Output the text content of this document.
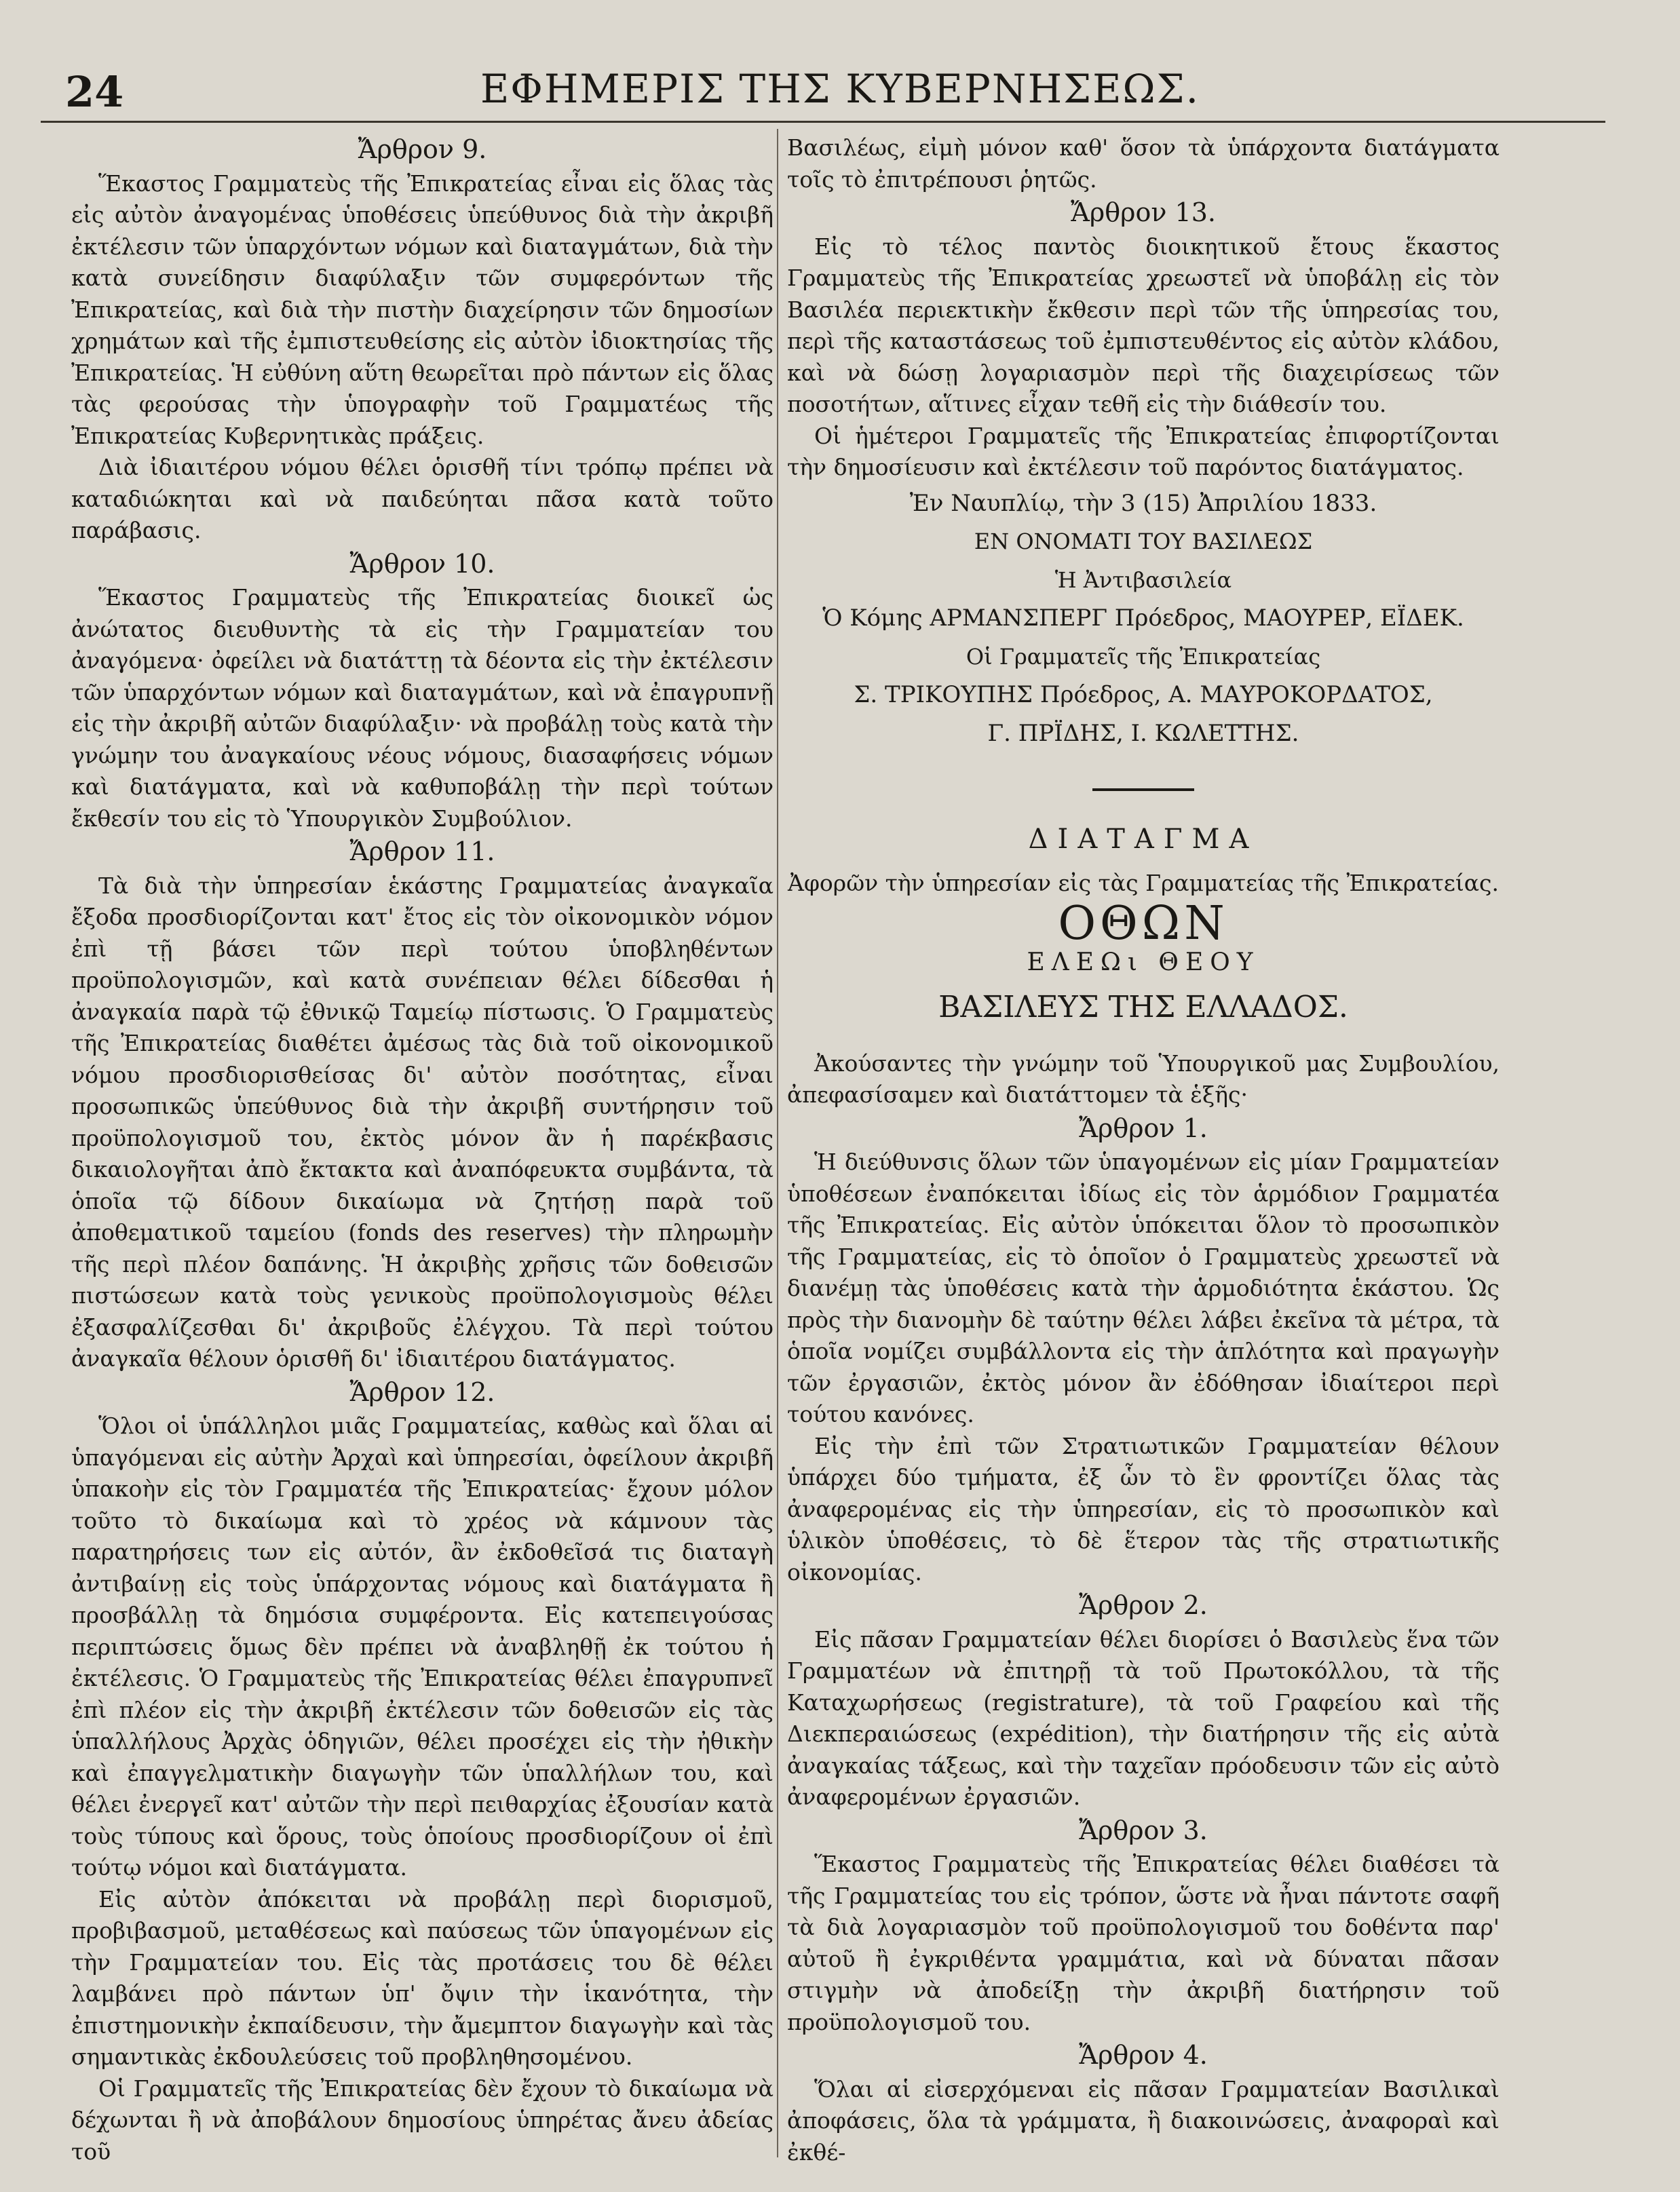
24	ΕΦΗΜΕΡΙΣ ΤΗΣ ΚΥΒΕΡΝΗΣΕΩΣ.
Ἄρθρον 9.

Ἕκαστος Γραμματεὺς τῆς Ἐπικρατείας εἶναι εἰς ὅλας τὰς εἰς αὐτὸν ἀναγομένας ὑποθέσεις ὑπεύθυνος διὰ τὴν ἀκριβῆ ἐκτέλεσιν τῶν ὑπαρχόντων νόμων καὶ διαταγμάτων, διὰ τὴν κατὰ συνείδησιν διαφύλαξιν τῶν συμφερόντων τῆς Ἐπικρατείας, καὶ διὰ τὴν πιστὴν διαχείρησιν τῶν δημοσίων χρημάτων καὶ τῆς ἐμπιστευθείσης εἰς αὐτὸν ἰδιοκτησίας τῆς Ἐπικρατείας. Ἡ εὐθύνη αὕτη θεωρεῖται πρὸ πάντων εἰς ὅλας τὰς φερούσας τὴν ὑπογραφὴν τοῦ Γραμματέως τῆς Ἐπικρατείας Κυβερνητικὰς πράξεις.

Διὰ ἰδιαιτέρου νόμου θέλει ὁρισθῆ τίνι τρόπῳ πρέπει νὰ καταδιώκηται καὶ νὰ παιδεύηται πᾶσα κατὰ τοῦτο παράβασις.

Ἄρθρον 10.

Ἕκαστος Γραμματεὺς τῆς Ἐπικρατείας διοικεῖ ὡς ἀνώτατος διευθυντὴς τὰ εἰς τὴν Γραμματείαν του ἀναγόμενα· ὀφείλει νὰ διατάττῃ τὰ δέοντα εἰς τὴν ἐκτέλεσιν τῶν ὑπαρχόντων νόμων καὶ διαταγμάτων, καὶ νὰ ἐπαγρυπνῇ εἰς τὴν ἀκριβῆ αὐτῶν διαφύλαξιν· νὰ προβάλῃ τοὺς κατὰ τὴν γνώμην του ἀναγκαίους νέους νόμους, διασαφήσεις νόμων καὶ διατάγματα, καὶ νὰ καθυποβάλῃ τὴν περὶ τούτων ἔκθεσίν του εἰς τὸ Ὑπουργικὸν Συμβούλιον.

Ἄρθρον 11.

Τὰ διὰ τὴν ὑπηρεσίαν ἑκάστης Γραμματείας ἀναγκαῖα ἔξοδα προσδιορίζονται κατ' ἔτος εἰς τὸν οἰκονομικὸν νόμον ἐπὶ τῇ βάσει τῶν περὶ τούτου ὑποβληθέντων προϋπολογισμῶν, καὶ κατὰ συνέπειαν θέλει δίδεσθαι ἡ ἀναγκαία παρὰ τῷ ἐθνικῷ Ταμείῳ πίστωσις. Ὁ Γραμματεὺς τῆς Ἐπικρατείας διαθέτει ἀμέσως τὰς διὰ τοῦ οἰκονομικοῦ νόμου προσδιορισθείσας δι' αὐτὸν ποσότητας, εἶναι προσωπικῶς ὑπεύθυνος διὰ τὴν ἀκριβῆ συντήρησιν τοῦ προϋπολογισμοῦ του, ἐκτὸς μόνον ἂν ἡ παρέκβασις δικαιολογῆται ἀπὸ ἔκτακτα καὶ ἀναπόφευκτα συμβάντα, τὰ ὁποῖα τῷ δίδουν δικαίωμα νὰ ζητήσῃ παρὰ τοῦ ἀποθεματικοῦ ταμείου (fonds des reserves) τὴν πληρωμὴν τῆς περὶ πλέον δαπάνης. Ἡ ἀκριβὴς χρῆσις τῶν δοθεισῶν πιστώσεων κατὰ τοὺς γενικοὺς προϋπολογισμοὺς θέλει ἐξασφαλίζεσθαι δι' ἀκριβοῦς ἐλέγχου. Τὰ περὶ τούτου ἀναγκαῖα θέλουν ὁρισθῆ δι' ἰδιαιτέρου διατάγματος.

Ἄρθρον 12.

Ὅλοι οἱ ὑπάλληλοι μιᾶς Γραμματείας, καθὼς καὶ ὅλαι αἱ ὑπαγόμεναι εἰς αὐτὴν Ἀρχαὶ καὶ ὑπηρεσίαι, ὀφείλουν ἀκριβῆ ὑπακοὴν εἰς τὸν Γραμματέα τῆς Ἐπικρατείας· ἔχουν μόλον τοῦτο τὸ δικαίωμα καὶ τὸ χρέος νὰ κάμνουν τὰς παρατηρήσεις των εἰς αὐτόν, ἂν ἐκδοθεῖσά τις διαταγὴ ἀντιβαίνῃ εἰς τοὺς ὑπάρχοντας νόμους καὶ διατάγματα ἢ προσβάλλῃ τὰ δημόσια συμφέροντα. Εἰς κατεπειγούσας περιπτώσεις ὅμως δὲν πρέπει νὰ ἀναβληθῇ ἐκ τούτου ἡ ἐκτέλεσις. Ὁ Γραμματεὺς τῆς Ἐπικρατείας θέλει ἐπαγρυπνεῖ ἐπὶ πλέον εἰς τὴν ἀκριβῆ ἐκτέλεσιν τῶν δοθεισῶν εἰς τὰς ὑπαλλήλους Ἀρχὰς ὁδηγιῶν, θέλει προσέχει εἰς τὴν ἠθικὴν καὶ ἐπαγγελματικὴν διαγωγὴν τῶν ὑπαλλήλων του, καὶ θέλει ἐνεργεῖ κατ' αὐτῶν τὴν περὶ πειθαρχίας ἐξουσίαν κατὰ τοὺς τύπους καὶ ὅρους, τοὺς ὁποίους προσδιορίζουν οἱ ἐπὶ τούτῳ νόμοι καὶ διατάγματα.

Εἰς αὐτὸν ἀπόκειται νὰ προβάλῃ περὶ διορισμοῦ, προβιβασμοῦ, μεταθέσεως καὶ παύσεως τῶν ὑπαγομένων εἰς τὴν Γραμματείαν του. Εἰς τὰς προτάσεις του δὲ θέλει λαμβάνει πρὸ πάντων ὑπ' ὄψιν τὴν ἱκανότητα, τὴν ἐπιστημονικὴν ἐκπαίδευσιν, τὴν ἄμεμπτον διαγωγὴν καὶ τὰς σημαντικὰς ἐκδουλεύσεις τοῦ προβληθησομένου.

Οἱ Γραμματεῖς τῆς Ἐπικρατείας δὲν ἔχουν τὸ δικαίωμα νὰ δέχωνται ἢ νὰ ἀποβάλουν δημοσίους ὑπηρέτας ἄνευ ἀδείας τοῦ

Βασιλέως, εἰμὴ μόνον καθ' ὅσον τὰ ὑπάρχοντα διατάγματα τοῖς τὸ ἐπιτρέπουσι ῥητῶς.

Ἄρθρον 13.

Εἰς τὸ τέλος παντὸς διοικητικοῦ ἔτους ἕκαστος Γραμματεὺς τῆς Ἐπικρατείας χρεωστεῖ νὰ ὑποβάλῃ εἰς τὸν Βασιλέα περιεκτικὴν ἔκθεσιν περὶ τῶν τῆς ὑπηρεσίας του, περὶ τῆς καταστάσεως τοῦ ἐμπιστευθέντος εἰς αὐτὸν κλάδου, καὶ νὰ δώσῃ λογαριασμὸν περὶ τῆς διαχειρίσεως τῶν ποσοτήτων, αἵτινες εἶχαν τεθῆ εἰς τὴν διάθεσίν του.

Οἱ ἡμέτεροι Γραμματεῖς τῆς Ἐπικρατείας ἐπιφορτίζονται τὴν δημοσίευσιν καὶ ἐκτέλεσιν τοῦ παρόντος διατάγματος.

Ἐν Ναυπλίῳ, τὴν 3 (15) Ἀπριλίου 1833.
ΕΝ ΟΝΟΜΑΤΙ ΤΟΥ ΒΑΣΙΛΕΩΣ
Ἡ Ἀντιβασιλεία
Ὁ Κόμης ΑΡΜΑΝΣΠΕΡΓ Πρόεδρος, ΜΑΟΥΡΕΡ, ΕΪΔΕΚ.
Οἱ Γραμματεῖς τῆς Ἐπικρατείας
Σ. ΤΡΙΚΟΥΠΗΣ Πρόεδρος, Α. ΜΑΥΡΟΚΟΡΔΑΤΟΣ,
Γ. ΠΡΪΔΗΣ, Ι. ΚΩΛΕΤΤΗΣ.
ΔΙΑΤΑΓΜΑ
Ἀφορῶν τὴν ὑπηρεσίαν εἰς τὰς Γραμματείας τῆς Ἐπικρατείας.
ΟΘΩΝ
ΕΛΕΩι ΘΕΟΥ
ΒΑΣΙΛΕΥΣ ΤΗΣ ΕΛΛΑΔΟΣ.

Ἀκούσαντες τὴν γνώμην τοῦ Ὑπουργικοῦ μας Συμβουλίου, ἀπεφασίσαμεν καὶ διατάττομεν τὰ ἑξῆς·

Ἄρθρον 1.

Ἡ διεύθυνσις ὅλων τῶν ὑπαγομένων εἰς μίαν Γραμματείαν ὑποθέσεων ἐναπόκειται ἰδίως εἰς τὸν ἁρμόδιον Γραμματέα τῆς Ἐπικρατείας. Εἰς αὐτὸν ὑπόκειται ὅλον τὸ προσωπικὸν τῆς Γραμματείας, εἰς τὸ ὁποῖον ὁ Γραμματεὺς χρεωστεῖ νὰ διανέμῃ τὰς ὑποθέσεις κατὰ τὴν ἁρμοδιότητα ἑκάστου. Ὡς πρὸς τὴν διανομὴν δὲ ταύτην θέλει λάβει ἐκεῖνα τὰ μέτρα, τὰ ὁποῖα νομίζει συμβάλλοντα εἰς τὴν ἁπλότητα καὶ πραγωγὴν τῶν ἐργασιῶν, ἐκτὸς μόνον ἂν ἐδόθησαν ἰδιαίτεροι περὶ τούτου κανόνες.

Εἰς τὴν ἐπὶ τῶν Στρατιωτικῶν Γραμματείαν θέλουν ὑπάρχει δύο τμήματα, ἐξ ὧν τὸ ἓν φροντίζει ὅλας τὰς ἀναφερομένας εἰς τὴν ὑπηρεσίαν, εἰς τὸ προσωπικὸν καὶ ὑλικὸν ὑποθέσεις, τὸ δὲ ἕτερον τὰς τῆς στρατιωτικῆς οἰκονομίας.

Ἄρθρον 2.

Εἰς πᾶσαν Γραμματείαν θέλει διορίσει ὁ Βασιλεὺς ἕνα τῶν Γραμματέων νὰ ἐπιτηρῇ τὰ τοῦ Πρωτοκόλλου, τὰ τῆς Καταχωρήσεως (registrature), τὰ τοῦ Γραφείου καὶ τῆς Διεκπεραιώσεως (expédition), τὴν διατήρησιν τῆς εἰς αὐτὰ ἀναγκαίας τάξεως, καὶ τὴν ταχεῖαν πρόοδευσιν τῶν εἰς αὐτὸ ἀναφερομένων ἐργασιῶν.

Ἄρθρον 3.

Ἕκαστος Γραμματεὺς τῆς Ἐπικρατείας θέλει διαθέσει τὰ τῆς Γραμματείας του εἰς τρόπον, ὥστε νὰ ἦναι πάντοτε σαφῆ τὰ διὰ λογαριασμὸν τοῦ προϋπολογισμοῦ του δοθέντα παρ' αὐτοῦ ἢ ἐγκριθέντα γραμμάτια, καὶ νὰ δύναται πᾶσαν στιγμὴν νὰ ἀποδείξῃ τὴν ἀκριβῆ διατήρησιν τοῦ προϋπολογισμοῦ του.

Ἄρθρον 4.

Ὅλαι αἱ εἰσερχόμεναι εἰς πᾶσαν Γραμματείαν Βασιλικαὶ ἀποφάσεις, ὅλα τὰ γράμματα, ἢ διακοινώσεις, ἀναφοραὶ καὶ ἐκθέ-
